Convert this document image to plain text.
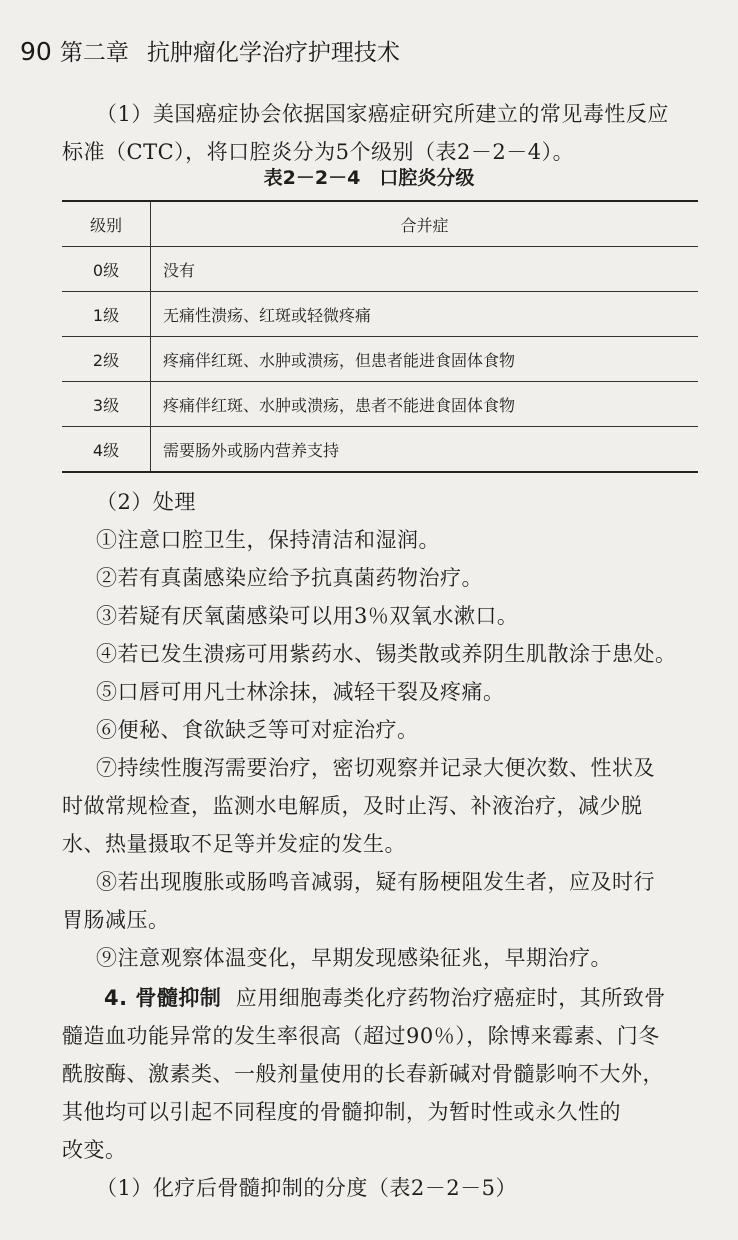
90 第二章 抗肿瘤化学治疗护理技术
（1）美国癌症协会依据国家癌症研究所建立的常见毒性反应
标准（CTC），将口腔炎分为5个级别（表2－2－4）。
表2－2－4　口腔炎分级
级别	合并症
0级	没有
1级	无痛性溃疡、红斑或轻微疼痛
2级	疼痛伴红斑、水肿或溃疡，但患者能进食固体食物
3级	疼痛伴红斑、水肿或溃疡，患者不能进食固体食物
4级	需要肠外或肠内营养支持
（2）处理
①注意口腔卫生，保持清洁和湿润。
②若有真菌感染应给予抗真菌药物治疗。
③若疑有厌氧菌感染可以用3％双氧水漱口。
④若已发生溃疡可用紫药水、锡类散或养阴生肌散涂于患处。
⑤口唇可用凡士林涂抹，减轻干裂及疼痛。
⑥便秘、食欲缺乏等可对症治疗。
⑦持续性腹泻需要治疗，密切观察并记录大便次数、性状及
时做常规检查，监测水电解质，及时止泻、补液治疗，减少脱
水、热量摄取不足等并发症的发生。
⑧若出现腹胀或肠鸣音减弱，疑有肠梗阻发生者，应及时行
胃肠减压。
⑨注意观察体温变化，早期发现感染征兆，早期治疗。
4. 骨髓抑制 应用细胞毒类化疗药物治疗癌症时，其所致骨
髓造血功能异常的发生率很高（超过90％），除博来霉素、门冬
酰胺酶、激素类、一般剂量使用的长春新碱对骨髓影响不大外，
其他均可以引起不同程度的骨髓抑制，为暂时性或永久性的
改变。
（1）化疗后骨髓抑制的分度（表2－2－5）
